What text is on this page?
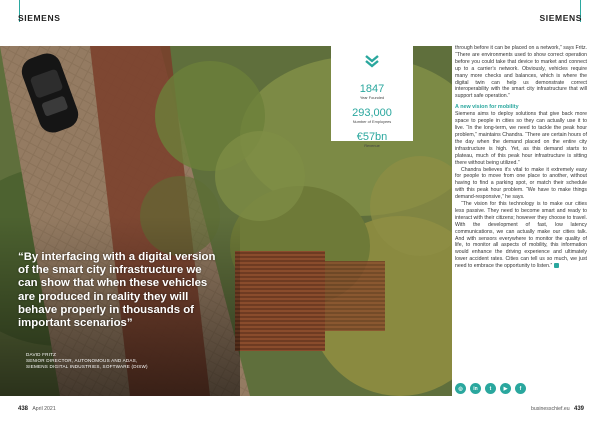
SIEMENS	SIEMENS
1847
Year Founded
293,000
Number of Employees
€57bn
Revenue
“By interfacing with a digital version of the smart city infrastructure we can show that when these vehicles are produced in reality they will behave properly in thousands of important scenarios”
DAVID FRITZ
SENIOR DIRECTOR, AUTONOMOUS AND ADAS,
SIEMENS DIGITAL INDUSTRIES, SOFTWARE (DISW)

through before it can be placed on a network,” says Fritz. “There are environments used to show correct operation before you could take that device to market and connect up to a carrier’s network. Obviously, vehicles require many more checks and balances, which is where the digital twin can help us demonstrate correct interoperability with the smart city infrastructure that will support safe operation.”

A new vision for mobility

Siemens aims to deploy solutions that give back more space to people in cities so they can actually use it to live. “In the long-term, we need to tackle the peak hour problem,” maintains Chandra. “There are certain hours of the day when the demand placed on the entire city infrastructure is high. Yet, as this demand starts to plateau, much of this peak hour infrastructure is sitting there without being utilized.”

Chandra believes it’s vital to make it extremely easy for people to move from one place to another, without having to find a parking spot, or match their schedule with this peak hour problem. “We have to make things demand-responsive,” he says.

“The vision for this technology is to make our cities less passive. They need to become smart and ready to interact with their citizens; however they choose to travel. With the development of fast, low latency communications, we can actually make our cities talk. And with sensors everywhere to monitor the quality of life, to monitor all aspects of mobility, this information would enhance the driving experience and ultimately lower accident rates. Cities can tell us so much, we just need to embrace the opportunity to listen.”

◎	in	t	▶	f
438 April 2021	businesschief.eu 439
